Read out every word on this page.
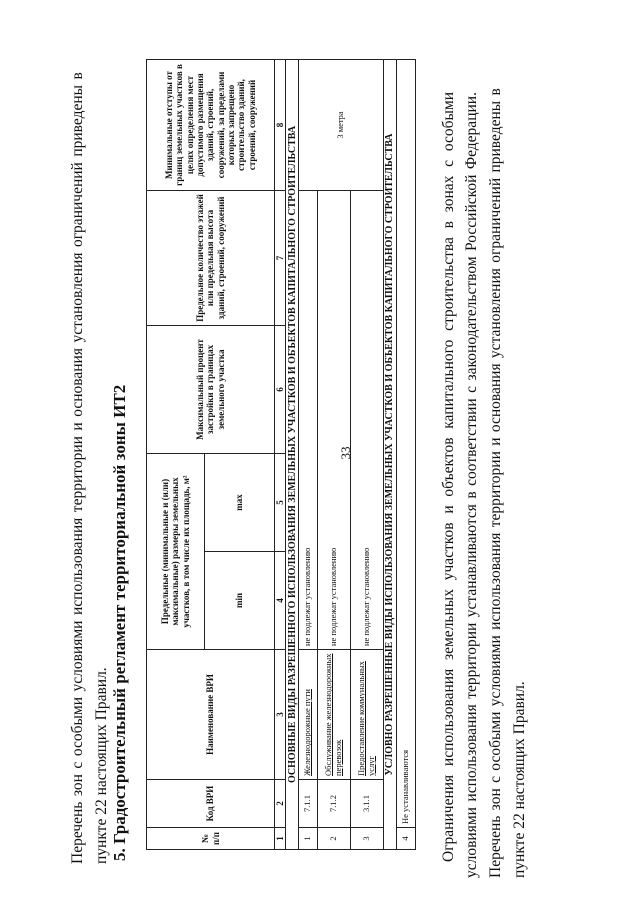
33
Перечень
зон
с
особыми
условиями
использования
территории
и
основания
установления
ограничений
приведены
в
пункте 22 настоящих Правил. 5. Градостроительный регламент территориальной зоны ИТ2	№ п/п	Код ВРИ	Наименование ВРИ	Предельные (минимальные и (или) максимальные) размеры земельных участков, в том числе их площадь, м²		Максимальный процент застройки в границах земельного участка	Предельное количество этажей или предельная высота зданий, строений, сооружений	Минимальные отступы от границ земельных участков в целях определения мест допустимого размещения зданий, строений, сооружений, за пределами которых запрещено строительство зданий, строений, сооружений
			min	max			
1	2	3	4	5	6	7	8
ОСНОВНЫЕ ВИДЫ РАЗРЕШЕННОГО ИСПОЛЬЗОВАНИЯ ЗЕМЕЛЬНЫХ УЧАСТКОВ И ОБЪЕКТОВ КАПИТАЛЬНОГО СТРОИТЕЛЬСТВА							
1	7.1.1	Железнодорожные пути	не подлежат установлению				3 метра
2	7.1.2	Обслуживание железнодорожных перевозок	не подлежат установлению				
3	3.1.1	Предоставление коммунальных услуг	не подлежат установлению				
УСЛОВНО РАЗРЕШЕННЫЕ ВИДЫ ИСПОЛЬЗОВАНИЯ ЗЕМЕЛЬНЫХ УЧАСТКОВ И ОБЪЕКТОВ КАПИТАЛЬНОГО СТРОИТЕЛЬСТВА							
4	Не устанавливаются						Ограничения
использования
земельных
участков
и
объектов
капитального
строительства
в
зонах
с
особыми
условиями
использования
территории
устанавливаются
в
соответствии
с
законодательством
Российской
Федерации.
Перечень
зон
с
особыми
условиями
использования
территории
и
основания
установления
ограничений
приведены
в
пункте 22 настоящих Правил.
